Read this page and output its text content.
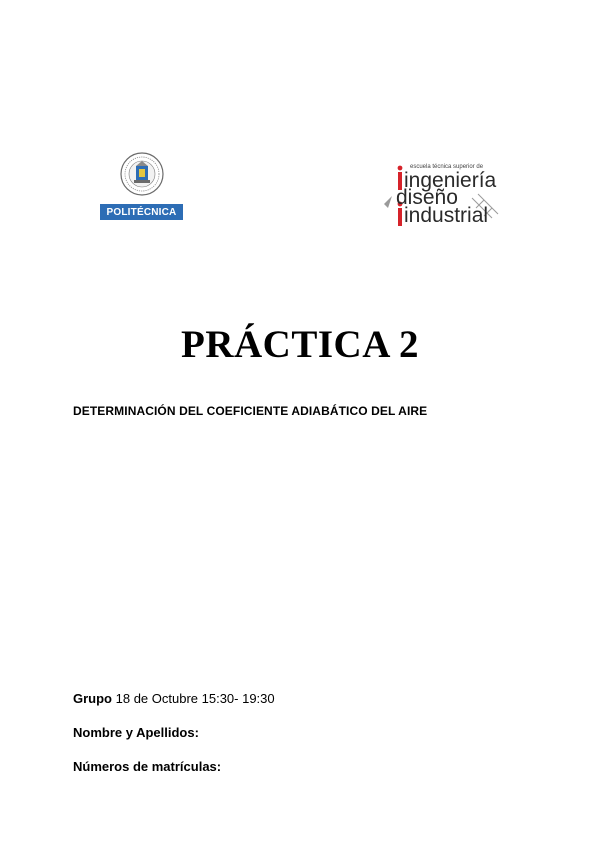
POLITÉCNICA
escuela técnica superior de
ingeniería
diseño
industrial
PRÁCTICA 2
DETERMINACIÓN DEL COEFICIENTE ADIABÁTICO DEL AIRE
Grupo 18 de Octubre 15:30- 19:30
Nombre y Apellidos:
Números de matrículas:
